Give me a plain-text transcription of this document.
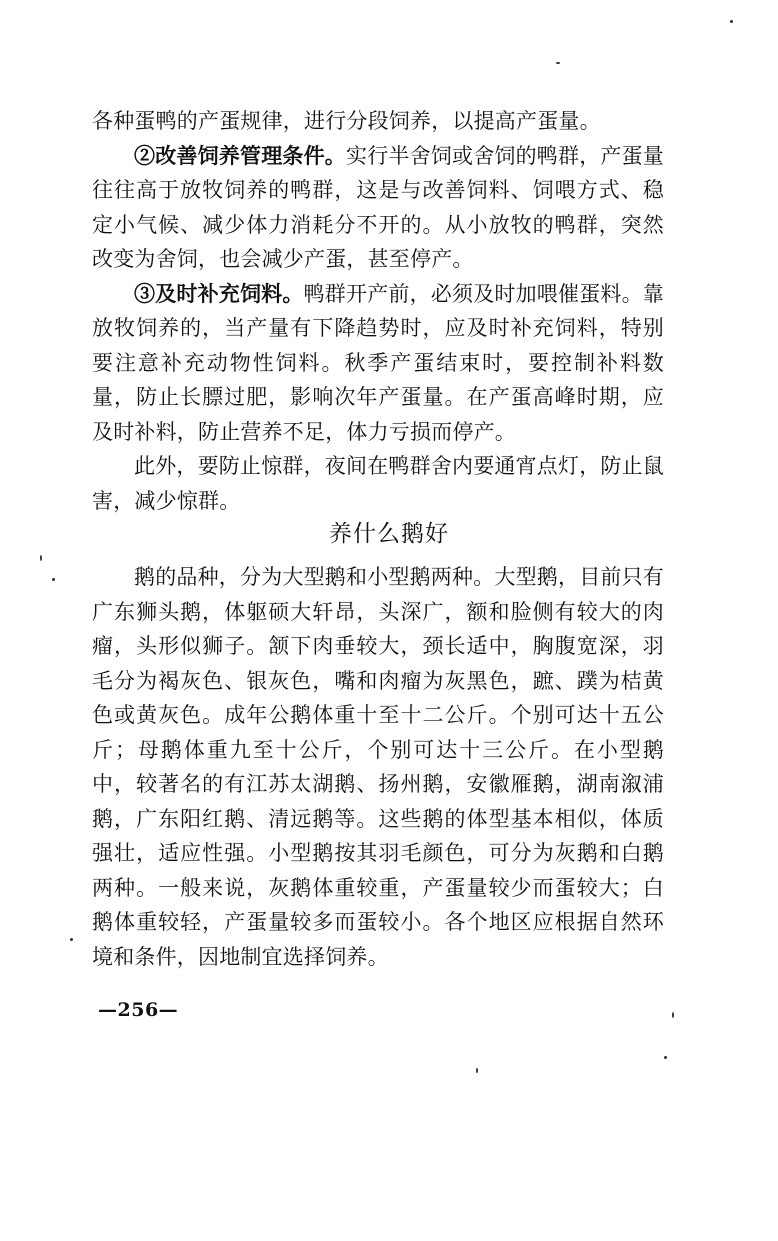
各种蛋鸭的产蛋规律，进行分段饲养，以提高产蛋量。

②改善饲养管理条件。实行半舍饲或舍饲的鸭群，产蛋量往往高于放牧饲养的鸭群，这是与改善饲料、饲喂方式、稳定小气候、减少体力消耗分不开的。从小放牧的鸭群，突然改变为舍饲，也会减少产蛋，甚至停产。

③及时补充饲料。鸭群开产前，必须及时加喂催蛋料。靠放牧饲养的，当产量有下降趋势时，应及时补充饲料，特别要注意补充动物性饲料。秋季产蛋结束时，要控制补料数量，防止长膘过肥，影响次年产蛋量。在产蛋高峰时期，应及时补料，防止营养不足，体力亏损而停产。

此外，要防止惊群，夜间在鸭群舍内要通宵点灯，防止鼠害，减少惊群。

养什么鹅好

鹅的品种，分为大型鹅和小型鹅两种。大型鹅，目前只有广东狮头鹅，体躯硕大轩昂，头深广，额和脸侧有较大的肉瘤，头形似狮子。颔下肉垂较大，颈长适中，胸腹宽深，羽毛分为褐灰色、银灰色，嘴和肉瘤为灰黑色，蹠、蹼为桔黄色或黄灰色。成年公鹅体重十至十二公斤。个别可达十五公斤；母鹅体重九至十公斤，个别可达十三公斤。在小型鹅中，较著名的有江苏太湖鹅、扬州鹅，安徽雁鹅，湖南溆浦鹅，广东阳红鹅、清远鹅等。这些鹅的体型基本相似，体质强壮，适应性强。小型鹅按其羽毛颜色，可分为灰鹅和白鹅两种。一般来说，灰鹅体重较重，产蛋量较少而蛋较大；白鹅体重较轻，产蛋量较多而蛋较小。各个地区应根据自然环境和条件，因地制宜选择饲养。

—256—
